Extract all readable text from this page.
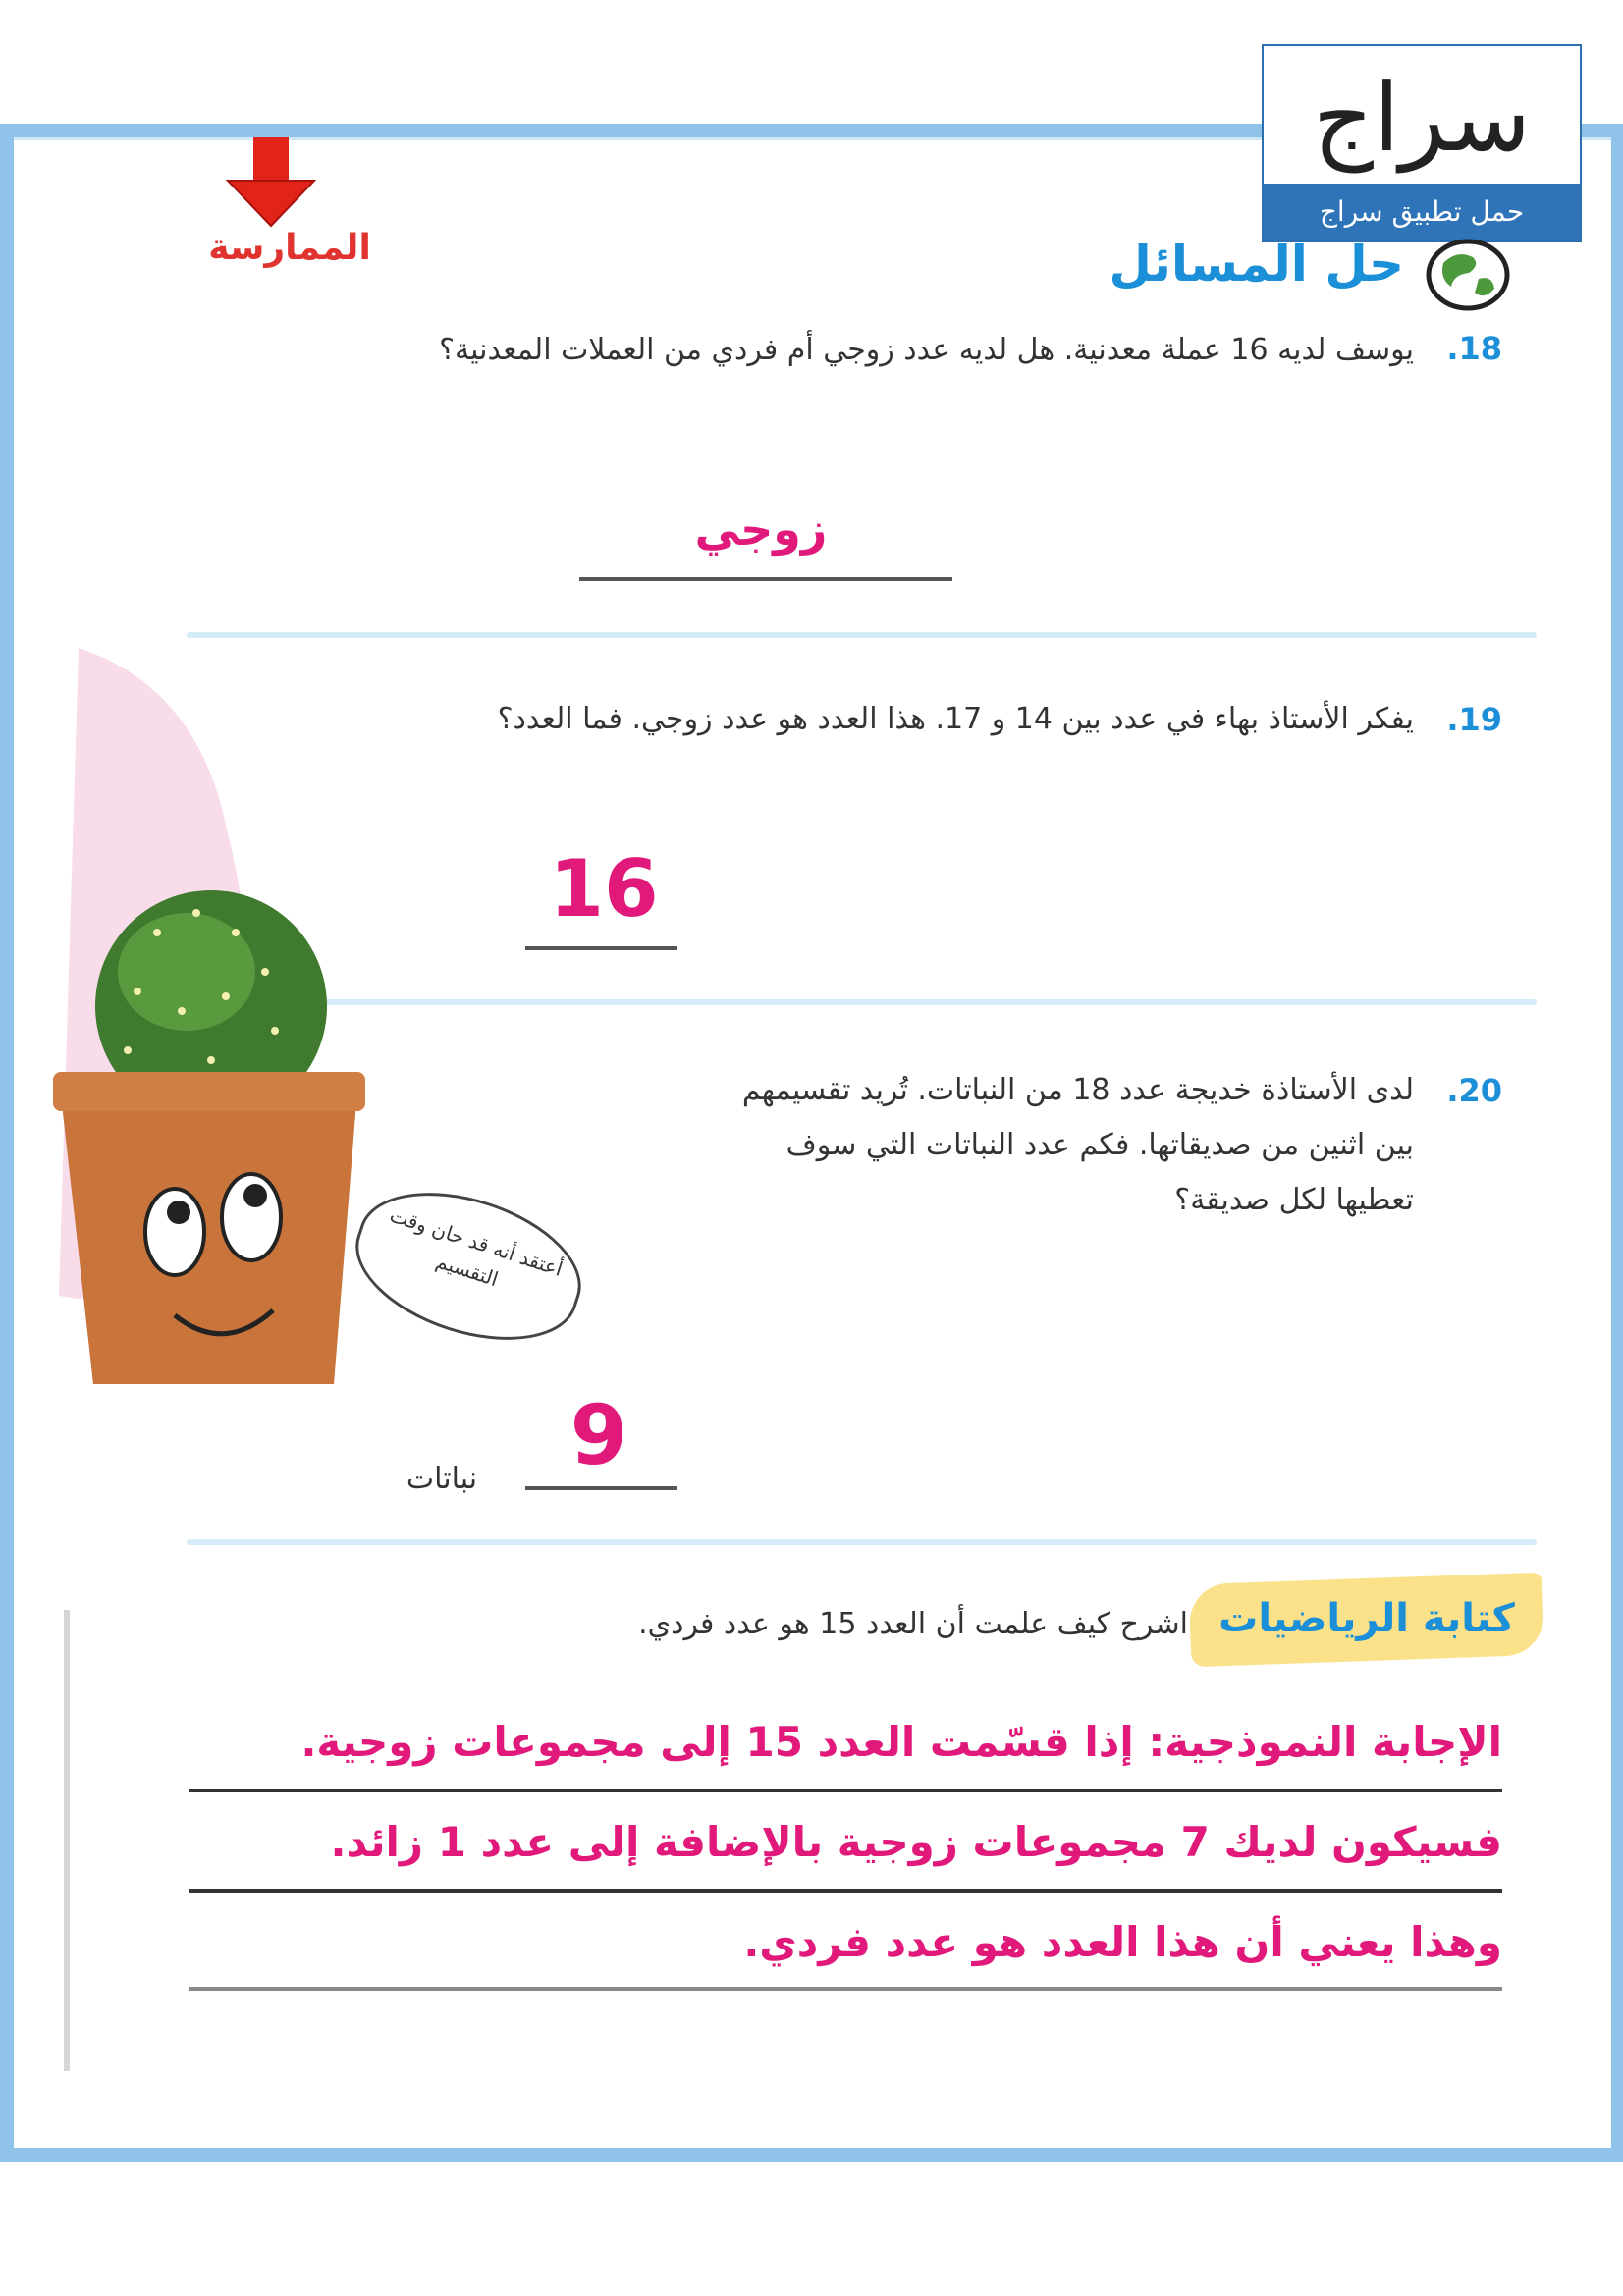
سراج
حمل تطبيق سراج
الممارسة	حل المسائل
18.
يوسف لديه 16 عملة معدنية. هل لديه عدد زوجي أم فردي من العملات المعدنية؟
زوجي
19.
يفكر الأستاذ بهاء في عدد بين 14 و 17. هذا العدد هو عدد زوجي. فما العدد؟
16
20.
لدى الأستاذة خديجة عدد 18 من النباتات. تُريد تقسيمهم
بين اثنين من صديقاتها. فكم عدد النباتات التي سوف
تعطيها لكل صديقة؟
9
نباتات
أعتقد أنه قد حان وقت التقسيم
كتابة الرياضيات
اشرح كيف علمت أن العدد 15 هو عدد فردي.
الإجابة النموذجية: إذا قسّمت العدد 15 إلى مجموعات زوجية.
فسيكون لديك 7 مجموعات زوجية بالإضافة إلى عدد 1 زائد.
وهذا يعني أن هذا العدد هو عدد فردي.
